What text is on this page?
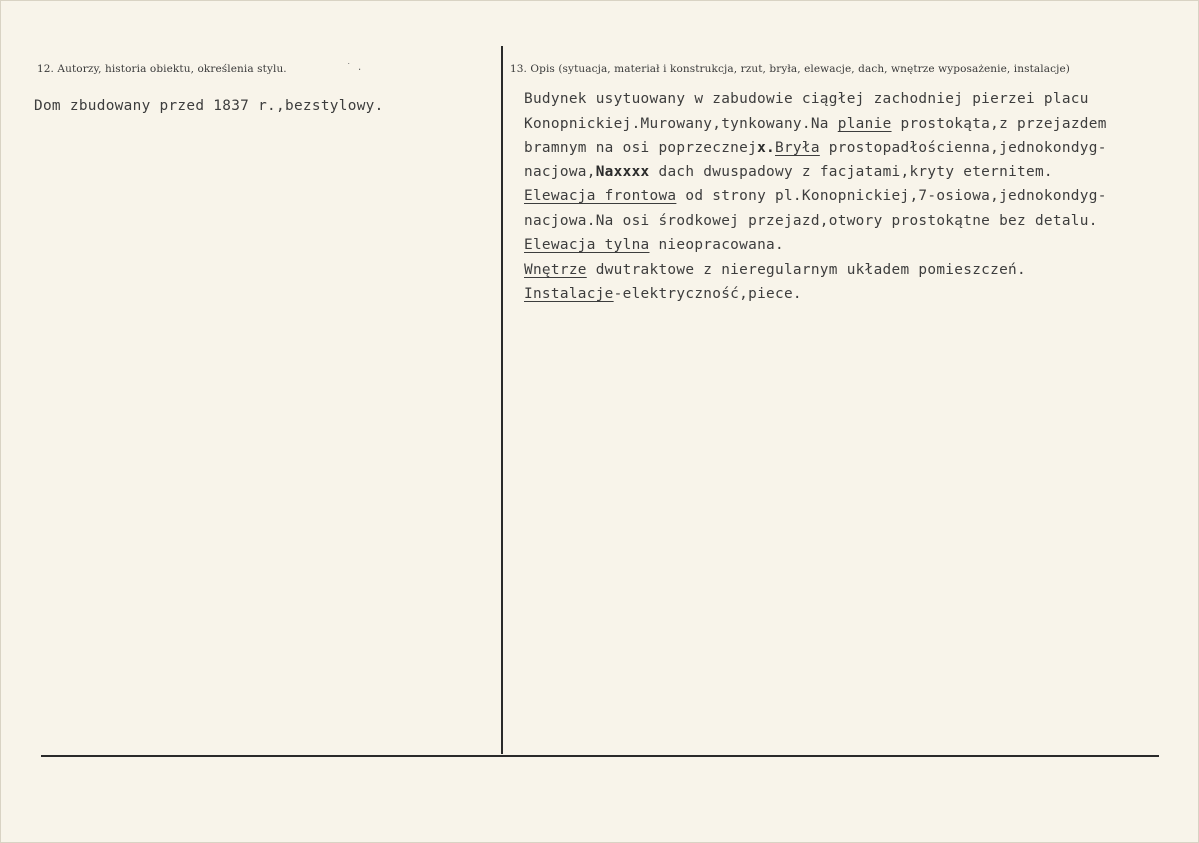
12. Autorzy, historia obiektu, określenia stylu.	˙ .
Dom zbudowany przed 1837 r.,bezstylowy.
13. Opis (sytuacja, materiał i konstrukcja, rzut, bryła, elewacje, dach, wnętrze wyposażenie, instalacje)
Budynek usytuowany w zabudowie ciągłej zachodniej pierzei placu
Konopnickiej.Murowany,tynkowany.Na planie prostokąta,z przejazdem
bramnym na osi poprzecznejx.Bryła prostopadłościenna,jednokondyg-
nacjowa,Naxxxx dach dwuspadowy z facjatami,kryty eternitem.
Elewacja frontowa od strony pl.Konopnickiej,7-osiowa,jednokondyg-
nacjowa.Na osi środkowej przejazd,otwory prostokątne bez detalu.
Elewacja tylna nieopracowana.
Wnętrze dwutraktowe z nieregularnym układem pomieszczeń.
Instalacje-elektryczność,piece.
